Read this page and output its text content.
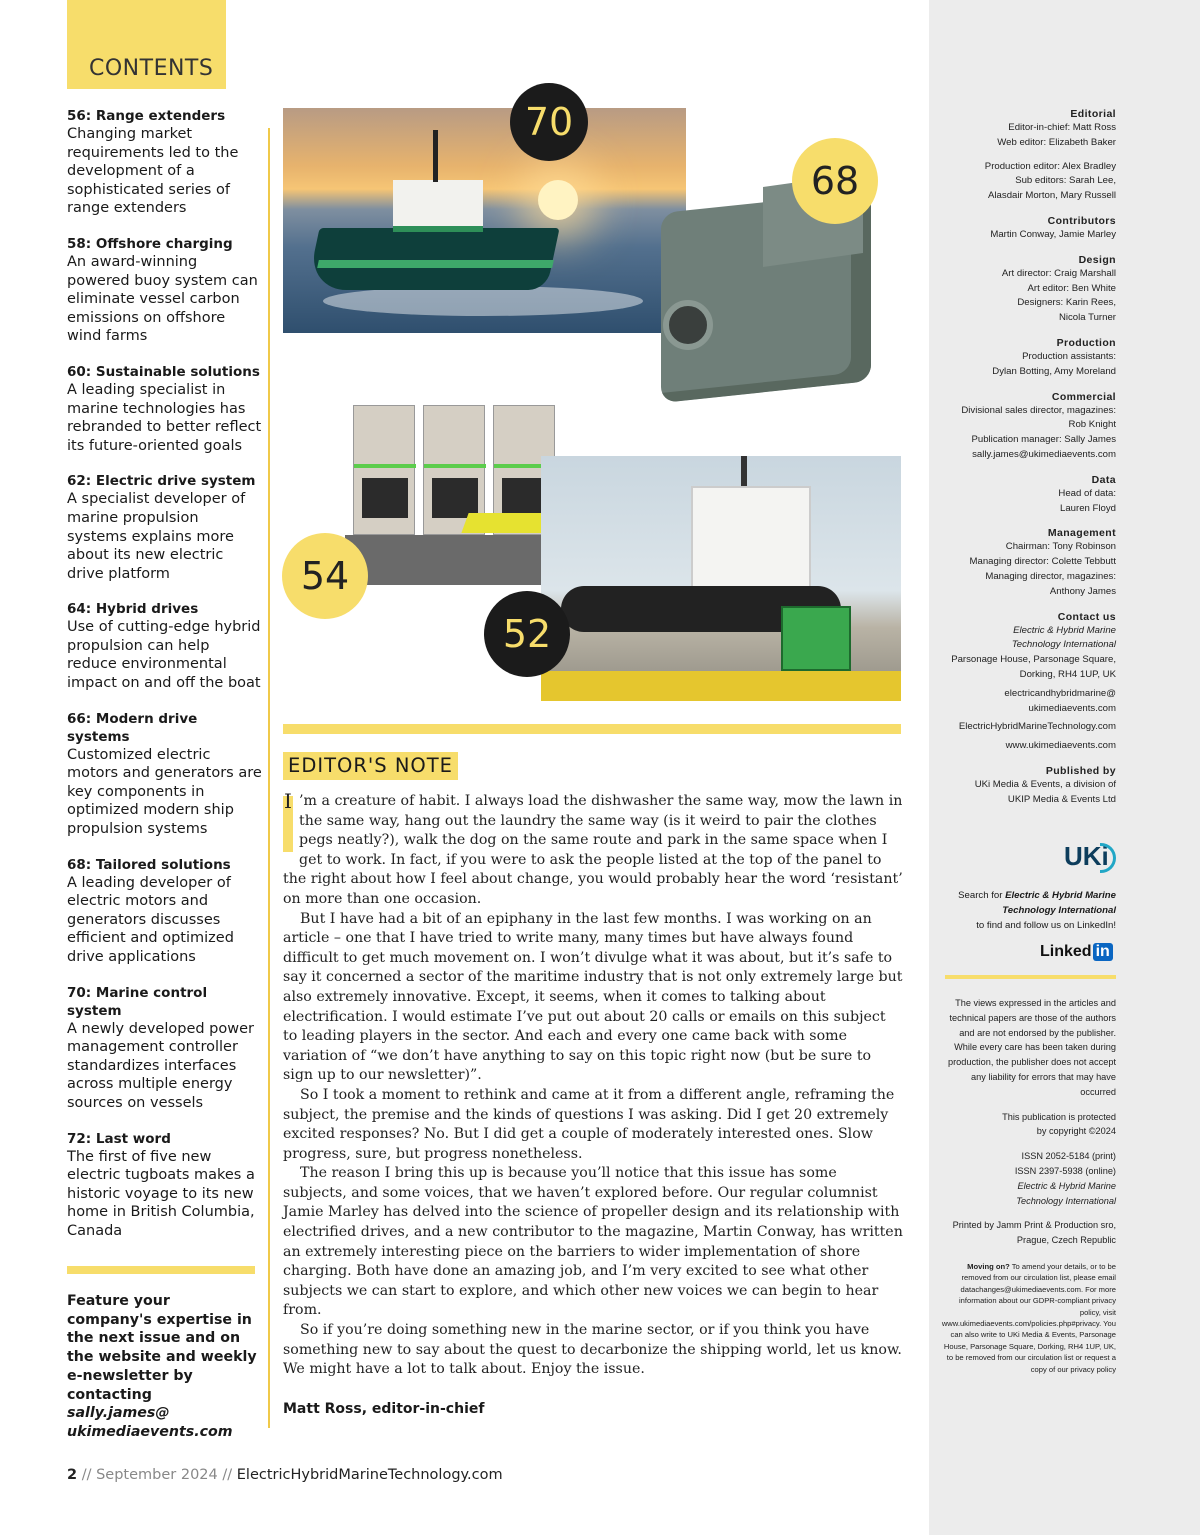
CONTENTS
56: Range extenders
Changing market requirements led to the development of a sophisticated series of range extenders
58: Offshore charging
An award-winning powered buoy system can eliminate vessel carbon emissions on offshore wind farms
60: Sustainable solutions
A leading specialist in marine technologies has rebranded to better reflect its future-oriented goals
62: Electric drive system
A specialist developer of marine propulsion systems explains more about its new electric drive platform
64: Hybrid drives
Use of cutting-edge hybrid propulsion can help reduce environmental impact on and off the boat
66: Modern drive systems
Customized electric motors and generators are key components in optimized modern ship propulsion systems
68: Tailored solutions
A leading developer of electric motors and generators discusses efficient and optimized drive applications
70: Marine control system
A newly developed power management controller standardizes interfaces across multiple energy sources on vessels
72: Last word
The first of five new electric tugboats makes a historic voyage to its new home in British Columbia, Canada
Feature your company's expertise in the next issue and on the website and weekly e-newsletter by contacting sally.james@ ukimediaevents.com
70
68
54
52
EDITOR'S NOTE

I ’m a creature of habit. I always load the dishwasher the same way, mow the lawn in the same way, hang out the laundry the same way (is it weird to pair the clothes pegs neatly?), walk the dog on the same route and park in the same space when I get to work. In fact, if you were to ask the people listed at the top of the panel to the right about how I feel about change, you would probably hear the word ‘resistant’ on more than one occasion.

But I have had a bit of an epiphany in the last few months. I was working on an article – one that I have tried to write many, many times but have always found difficult to get much movement on. I won’t divulge what it was about, but it’s safe to say it concerned a sector of the maritime industry that is not only extremely large but also extremely innovative. Except, it seems, when it comes to talking about electrification. I would estimate I’ve put out about 20 calls or emails on this subject to leading players in the sector. And each and every one came back with some variation of “we don’t have anything to say on this topic right now (but be sure to sign up to our newsletter)”.

So I took a moment to rethink and came at it from a different angle, reframing the subject, the premise and the kinds of questions I was asking. Did I get 20 extremely excited responses? No. But I did get a couple of moderately interested ones. Slow progress, sure, but progress nonetheless.

The reason I bring this up is because you’ll notice that this issue has some subjects, and some voices, that we haven’t explored before. Our regular columnist Jamie Marley has delved into the science of propeller design and its relationship with electrified drives, and a new contributor to the magazine, Martin Conway, has written an extremely interesting piece on the barriers to wider implementation of shore charging. Both have done an amazing job, and I’m very excited to see what other subjects we can start to explore, and which other new voices we can begin to hear from.

So if you’re doing something new in the marine sector, or if you think you have something new to say about the quest to decarbonize the shipping world, let us know. We might have a lot to talk about. Enjoy the issue.

Matt Ross, editor-in-chief
2 // September 2024 // ElectricHybridMarineTechnology.com
Editorial
Editor-in-chief: Matt Ross
Web editor: Elizabeth Baker
Production editor: Alex Bradley
Sub editors: Sarah Lee,
Alasdair Morton, Mary Russell
Contributors
Martin Conway, Jamie Marley
Design
Art director: Craig Marshall
Art editor: Ben White
Designers: Karin Rees,
Nicola Turner
Production
Production assistants:
Dylan Botting, Amy Moreland
Commercial
Divisional sales director, magazines:
Rob Knight
Publication manager: Sally James
sally.james@ukimediaevents.com
Data
Head of data:
Lauren Floyd
Management
Chairman: Tony Robinson
Managing director: Colette Tebbutt
Managing director, magazines:
Anthony James
Contact us
Electric & Hybrid Marine
Technology International
Parsonage House, Parsonage Square,
Dorking, RH4 1UP, UK
electricandhybridmarine@
ukimediaevents.com
ElectricHybridMarineTechnology.com
www.ukimediaevents.com
Published by
UKi Media & Events, a division of
UKIP Media & Events Ltd
UKi
Search for Electric & Hybrid Marine
Technology International
to find and follow us on LinkedIn!
Linked in
The views expressed in the articles and technical papers are those of the authors and are not endorsed by the publisher. While every care has been taken during production, the publisher does not accept any liability for errors that may have occurred
This publication is protected
by copyright ©2024
ISSN 2052-5184 (print)
ISSN 2397-5938 (online)
Electric & Hybrid Marine
Technology International
Printed by Jamm Print & Production sro,
Prague, Czech Republic
Moving on? To amend your details, or to be removed from our circulation list, please email datachanges@ukimediaevents.com. For more information about our GDPR-compliant privacy policy, visit www.ukimediaevents.com/policies.php#privacy. You can also write to UKi Media & Events, Parsonage House, Parsonage Square, Dorking, RH4 1UP, UK, to be removed from our circulation list or request a copy of our privacy policy
